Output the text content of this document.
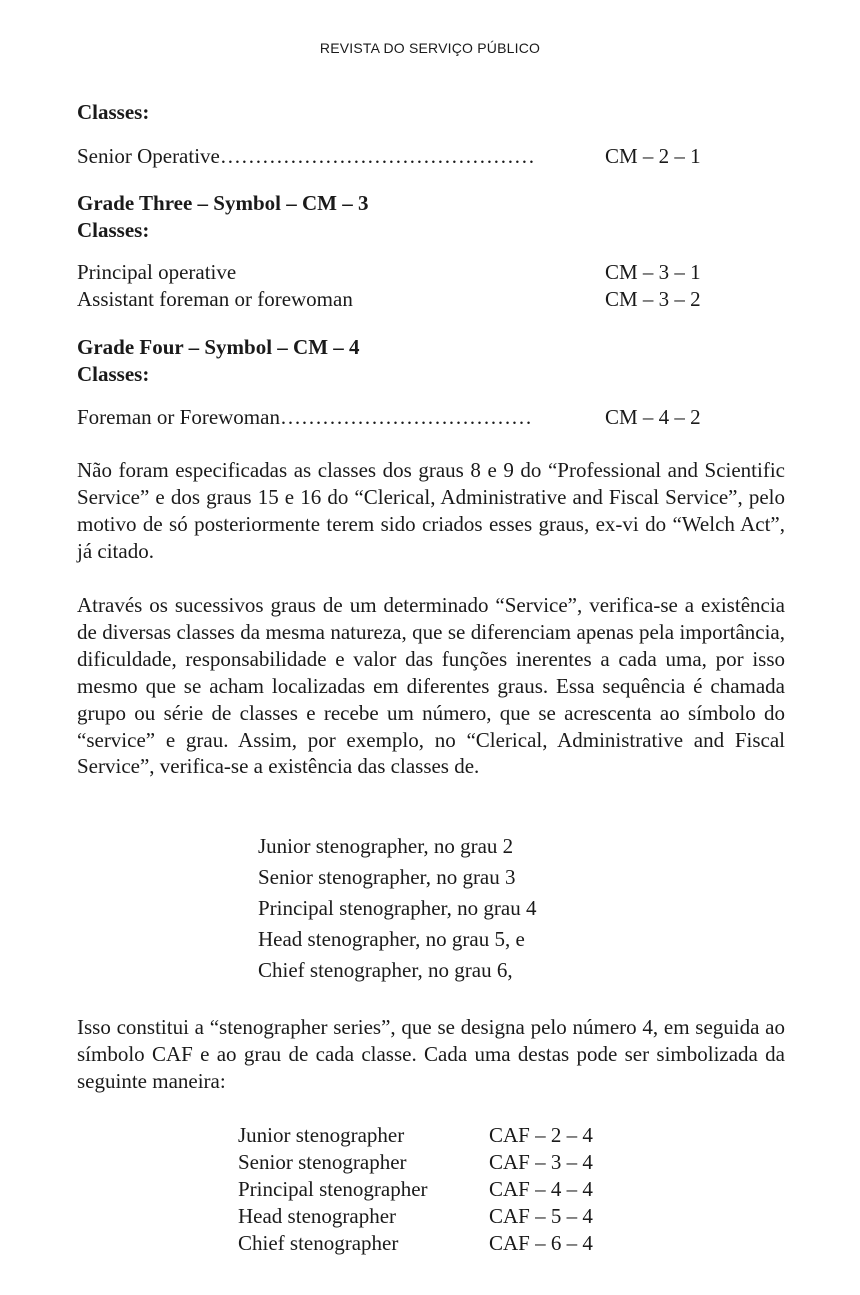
REVISTA DO SERVIÇO PÚBLICO
Classes:
Senior Operative………………………………………	CM – 2 – 1
Grade Three – Symbol – CM – 3
Classes:
Principal operative	CM – 3 – 1
Assistant foreman or forewoman	CM – 3 – 2
Grade Four – Symbol – CM – 4
Classes:
Foreman or Forewoman………………………………	CM – 4 – 2

Não foram especificadas as classes dos graus 8 e 9 do “Professional and Scientific Service” e dos graus 15 e 16 do “Clerical, Administrative and Fiscal Service”, pelo motivo de só posteriormente terem sido criados esses graus, ex-vi do “Welch Act”, já citado.

Através os sucessivos graus de um determinado “Service”, verifica-se a existência de diversas classes da mesma natureza, que se diferenciam apenas pela importância, dificuldade, responsabilidade e valor das funções inerentes a cada uma, por isso mesmo que se acham localizadas em diferentes graus. Essa sequência é chamada grupo ou série de classes e recebe um número, que se acrescenta ao símbolo do “service” e grau. Assim, por exemplo, no “Clerical, Administrative and Fiscal Service”, verifica-se a existência das classes de.

Junior stenographer, no grau 2
Senior stenographer, no grau 3
Principal stenographer, no grau 4
Head stenographer, no grau 5, e
Chief stenographer, no grau 6,

Isso constitui a “stenographer series”, que se designa pelo número 4, em seguida ao símbolo CAF e ao grau de cada classe. Cada uma destas pode ser simbolizada da seguinte maneira:

Junior stenographer	CAF – 2 – 4
Senior stenographer	CAF – 3 – 4
Principal stenographer	CAF – 4 – 4
Head stenographer	CAF – 5 – 4
Chief stenographer	CAF – 6 – 4
